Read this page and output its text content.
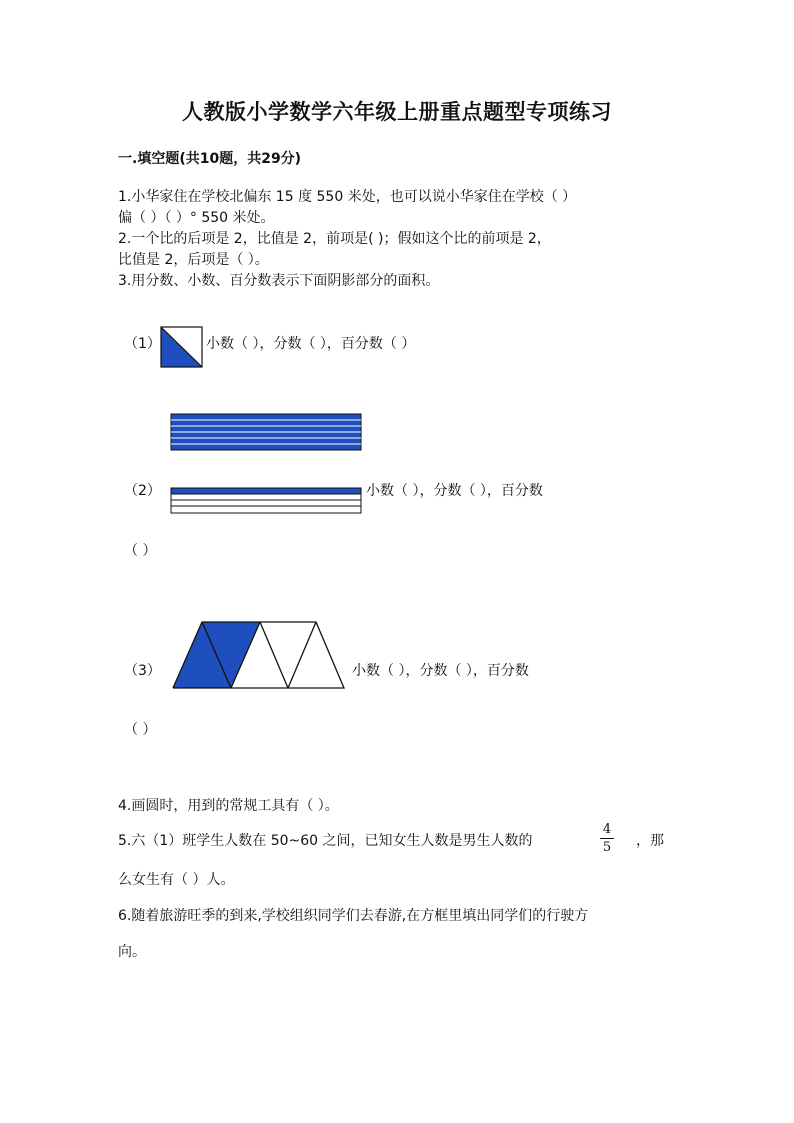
人教版小学数学六年级上册重点题型专项练习
一.填空题(共10题，共29分)
1.小华家住在学校北偏东 15 度 550 米处，也可以说小华家住在学校（ ）
偏（ ）（ ）° 550 米处。
2.一个比的后项是 2，比值是 2，前项是( )；假如这个比的前项是 2，
比值是 2，后项是（ ）。
3.用分数、小数、百分数表示下面阴影部分的面积。
（1）	小数（ ），分数（ ），百分数（ ）
（2）	小数（ ），分数（ ），百分数
（ ）
（3）	小数（ ），分数（ ），百分数
（ ）
4.画圆时，用到的常规工具有（ ）。
5.六（1）班学生人数在 50~60 之间，已知女生人数是男生人数的
4
5 ，那
么女生有（ ）人。
6.随着旅游旺季的到来,学校组织同学们去春游,在方框里填出同学们的行驶方
向。
